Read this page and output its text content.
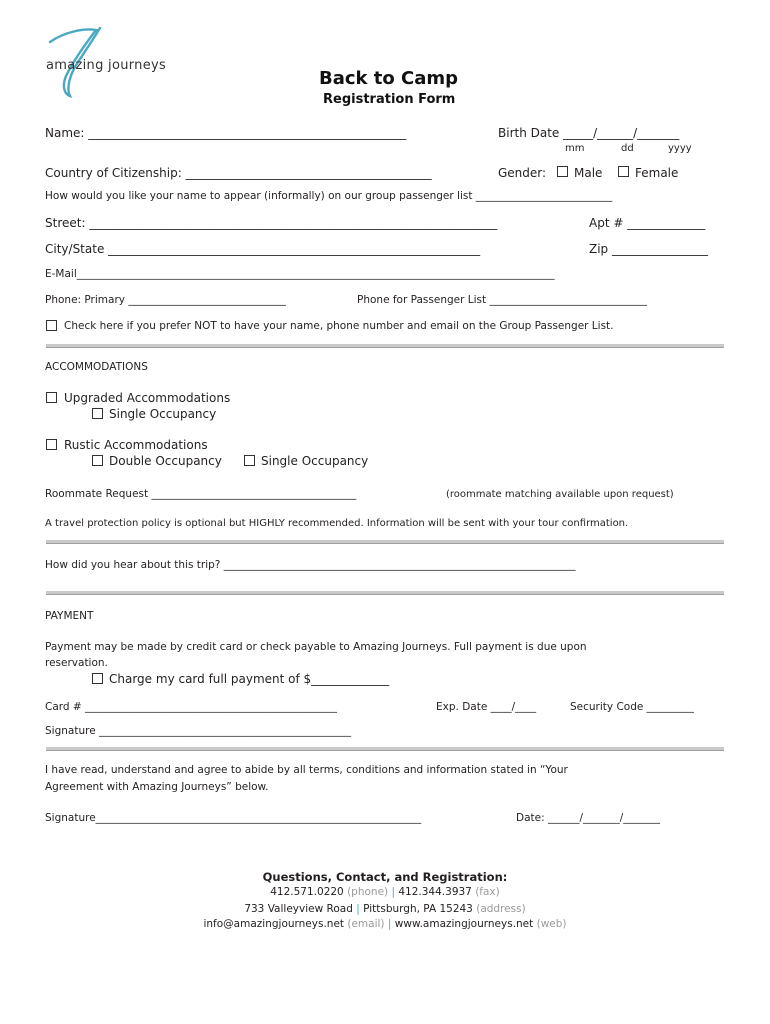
amazing journeys
Back to Camp
Registration Form
Name: _____________________________________________________	Birth Date _____/______/_______
mm	dd	yyyy
Country of Citizenship: _________________________________________	Gender: Male	Female
How would you like your name to appear (informally) on our group passenger list __________________________
Street: ____________________________________________________________________	Apt # _____________
City/State ______________________________________________________________	Zip ________________
E-Mail___________________________________________________________________________________________
Phone: Primary ______________________________	Phone for Passenger List ______________________________
Check here if you prefer NOT to have your name, phone number and email on the Group Passenger List.
ACCOMMODATIONS
Upgraded Accommodations
Single Occupancy
Rustic Accommodations
Double Occupancy	Single Occupancy
Roommate Request _______________________________________	(roommate matching available upon request)
A travel protection policy is optional but HIGHLY recommended. Information will be sent with your tour confirmation.
How did you hear about this trip? ___________________________________________________________________
PAYMENT
Payment may be made by credit card or check payable to Amazing Journeys. Full payment is due upon
reservation.
Charge my card full payment of $_____________
Card # ________________________________________________	Exp. Date ____/____	Security Code _________
Signature ________________________________________________
I have read, understand and agree to abide by all terms, conditions and information stated in “Your
Agreement with Amazing Journeys” below.
Signature______________________________________________________________	Date: ______/_______/_______
Questions, Contact, and Registration:
412.571.0220 (phone) | 412.344.3937 (fax)
733 Valleyview Road | Pittsburgh, PA 15243 (address)
info@amazingjourneys.net (email) | www.amazingjourneys.net (web)
